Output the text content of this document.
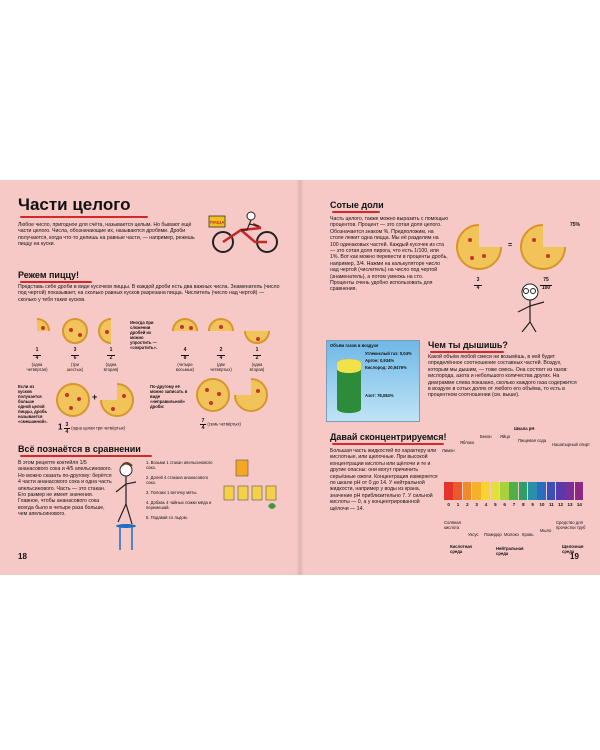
Части целого
Любое число, пригодное для счёта, называется целым. Но бывают ещё части целого. Числа, обозначающие их, называются дробями. Дроби получаются, когда что-то делишь на равные части, — например, режешь пиццу на куски.
ПИЦЦА
Режем пиццу!
Представь себе дроби в виде кусочков пиццы. В каждой дроби есть два важных числа. Знаменатель (число под чертой) показывает, на сколько равных кусков разрезана пицца. Числитель (число над чертой) — сколько у тебя таких кусков.
1
4
(одна четвёртая)
3
6
(три шестых)
1
2
(одна вторая)
Иногда при сложении дробей их можно упростить — «сократить».	4
8
(четыре восьмых)
2
4
(две четвёртых)
1
2
(одна вторая)
Если из кусков получается больше одной целой пиццы, дробь называется «смешанной».
+
$1 \frac{3}{4}$ (одна целая три четвёртых)
По-другому её можно записать в виде «неправильной» дроби:
$\frac{7}{4}$ (семь четвёртых)
Всё познаётся в сравнении
В этом рецепте коктейля 1/5 ананасового сока и 4/5 апельсинового. Но можно сказать по-другому: берётся 4 части ананасового сока и одна часть апельсинового. Часть — это стакан. Его размер не имеет значения. Главное, чтобы ананасового сока всегда было в четыре раза больше, чем апельсинового.
1. Возьми 1 стакан апельсинового сока.
2. Долей 4 стакана ананасового сока.
3. Положи 1 веточку мяты.
4. Добавь 4 чайных ложки мёда и перемешай.
5. Подавай со льдом.
18
Сотые доли
Часть целого, также можно выразить с помощью процентов. Процент — это сотая доля целого. Обозначается знаком %. Предположим, на столе лежит одна пицца. Мы её разделим на 100 одинаковых частей. Каждый кусочек из ста — это сотая доля пирога, что есть 1/100, или 1%. Вот как можно перевести в проценты дробь, например, 3/4. Нажми на калькуляторе число над чертой (числитель) на число под чертой (знаменатель), а потом умножь на сто. Проценты очень удобно использовать для сравнения.
=
75%
3
4
75
100
Объём газов в воздухе
Углекислый газ: 0,04%
Аргон: 0,934%
Кислород: 20,9476%
Азот: 78,084%
Чем ты дышишь?
Какой объём любой смеси ни возьмёшь, в ней будет определённое соотношение составных частей. Воздух, которым мы дышим, — тоже смесь. Она состоит из газов: кислорода, азота и небольшого количества других. На диаграмме слева показано, сколько каждого газа содержится в воздухе в сотых долях от любого его объёма, то есть в процентном соотношении (см. выше).
Давай сконцентрируемся!
Большая часть жидкостей по характеру или кислотные, или щелочные. При высокой концентрации кислоты или щёлочи и те и другие опасны: они могут причинить серьёзные ожоги. Концентрация измеряется по шкале pH от 0 до 14. У нейтральной жидкости, например у воды из крана, значение pH приблизительно 7. У сильной кислоты — 0, а у концентрированной щёлочи — 14.
Шкала pH
Лимон
Яблоко
Бекон Яйцо
Пищевая сода
Нашатырный спирт
0	1	2	3	4	5	6	7	8	9	10 11 12 13 14
Соляная кислота
Уксус Помидор Молоко Кровь
Мыло
Средство для прочистки труб
Кислотная среда
Нейтральная среда
Щелочная среда
19
